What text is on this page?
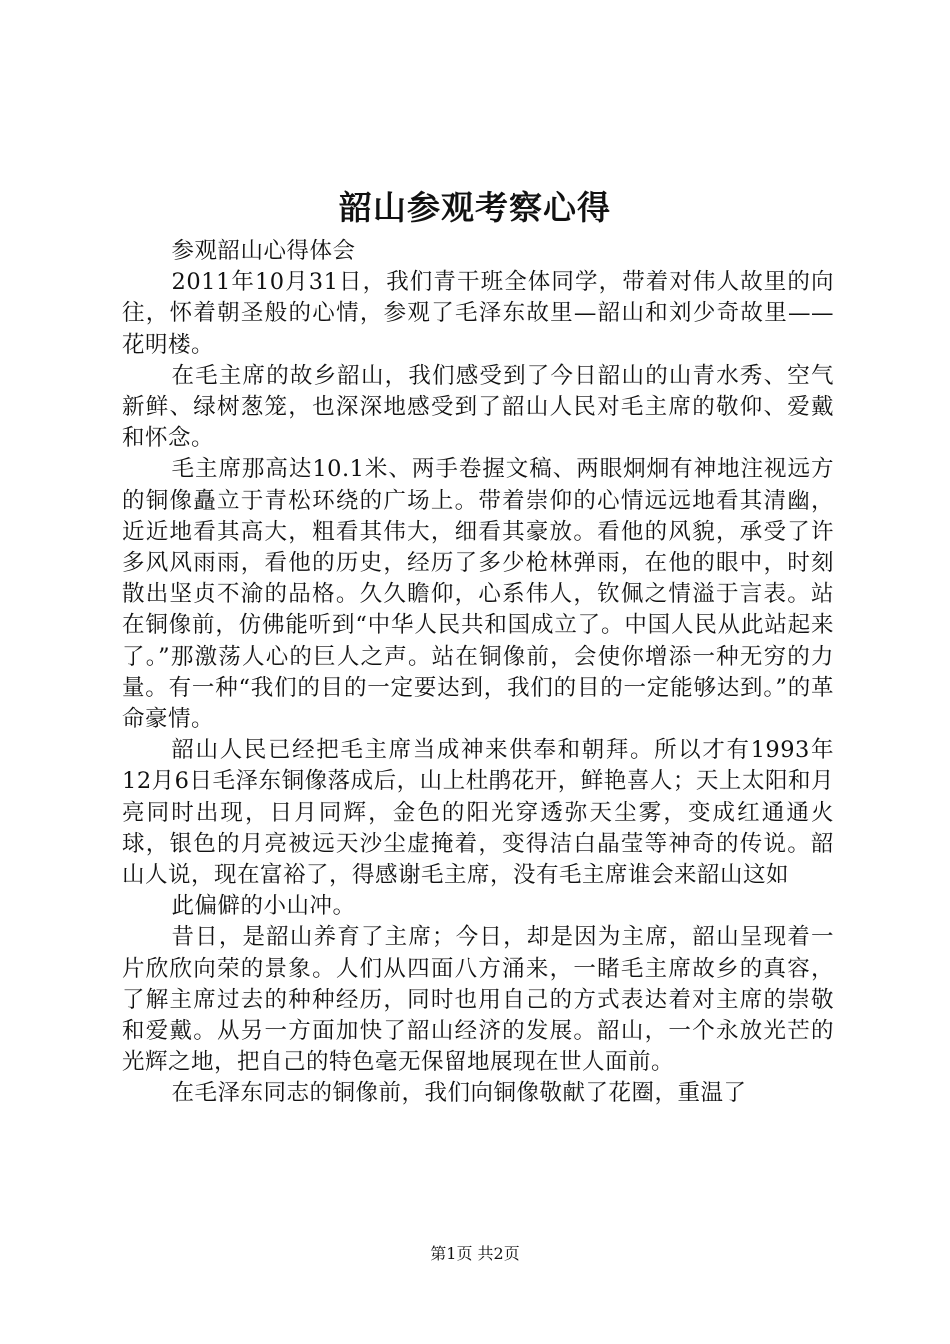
韶山参观考察心得

参观韶山心得体会

2011年10月31日，我们青干班全体同学，带着对伟人故里的向往，怀着朝圣般的心情，参观了毛泽东故里—韶山和刘少奇故里——花明楼。

在毛主席的故乡韶山，我们感受到了今日韶山的山青水秀、空气新鲜、绿树葱笼，也深深地感受到了韶山人民对毛主席的敬仰、爱戴和怀念。

毛主席那高达10.1米、两手卷握文稿、两眼炯炯有神地注视远方的铜像矗立于青松环绕的广场上。带着崇仰的心情远远地看其清幽，近近地看其高大，粗看其伟大，细看其豪放。看他的风貌，承受了许多风风雨雨，看他的历史，经历了多少枪林弹雨，在他的眼中，时刻散出坚贞不渝的品格。久久瞻仰，心系伟人，钦佩之情溢于言表。站在铜像前，仿佛能听到“中华人民共和国成立了。中国人民从此站起来了。”那激荡人心的巨人之声。站在铜像前，会使你增添一种无穷的力量。有一种“我们的目的一定要达到，我们的目的一定能够达到。”的革命豪情。

韶山人民已经把毛主席当成神来供奉和朝拜。所以才有1993年12月6日毛泽东铜像落成后，山上杜鹃花开，鲜艳喜人；天上太阳和月亮同时出现，日月同辉，金色的阳光穿透弥天尘雾，变成红通通火球，银色的月亮被远天沙尘虚掩着，变得洁白晶莹等神奇的传说。韶山人说，现在富裕了，得感谢毛主席，没有毛主席谁会来韶山这如

此偏僻的小山冲。

昔日，是韶山养育了主席；今日，却是因为主席，韶山呈现着一片欣欣向荣的景象。人们从四面八方涌来，一睹毛主席故乡的真容，了解主席过去的种种经历，同时也用自己的方式表达着对主席的崇敬和爱戴。从另一方面加快了韶山经济的发展。韶山，一个永放光芒的光辉之地，把自己的特色毫无保留地展现在世人面前。

在毛泽东同志的铜像前，我们向铜像敬献了花圈，重温了

第1页 共2页
